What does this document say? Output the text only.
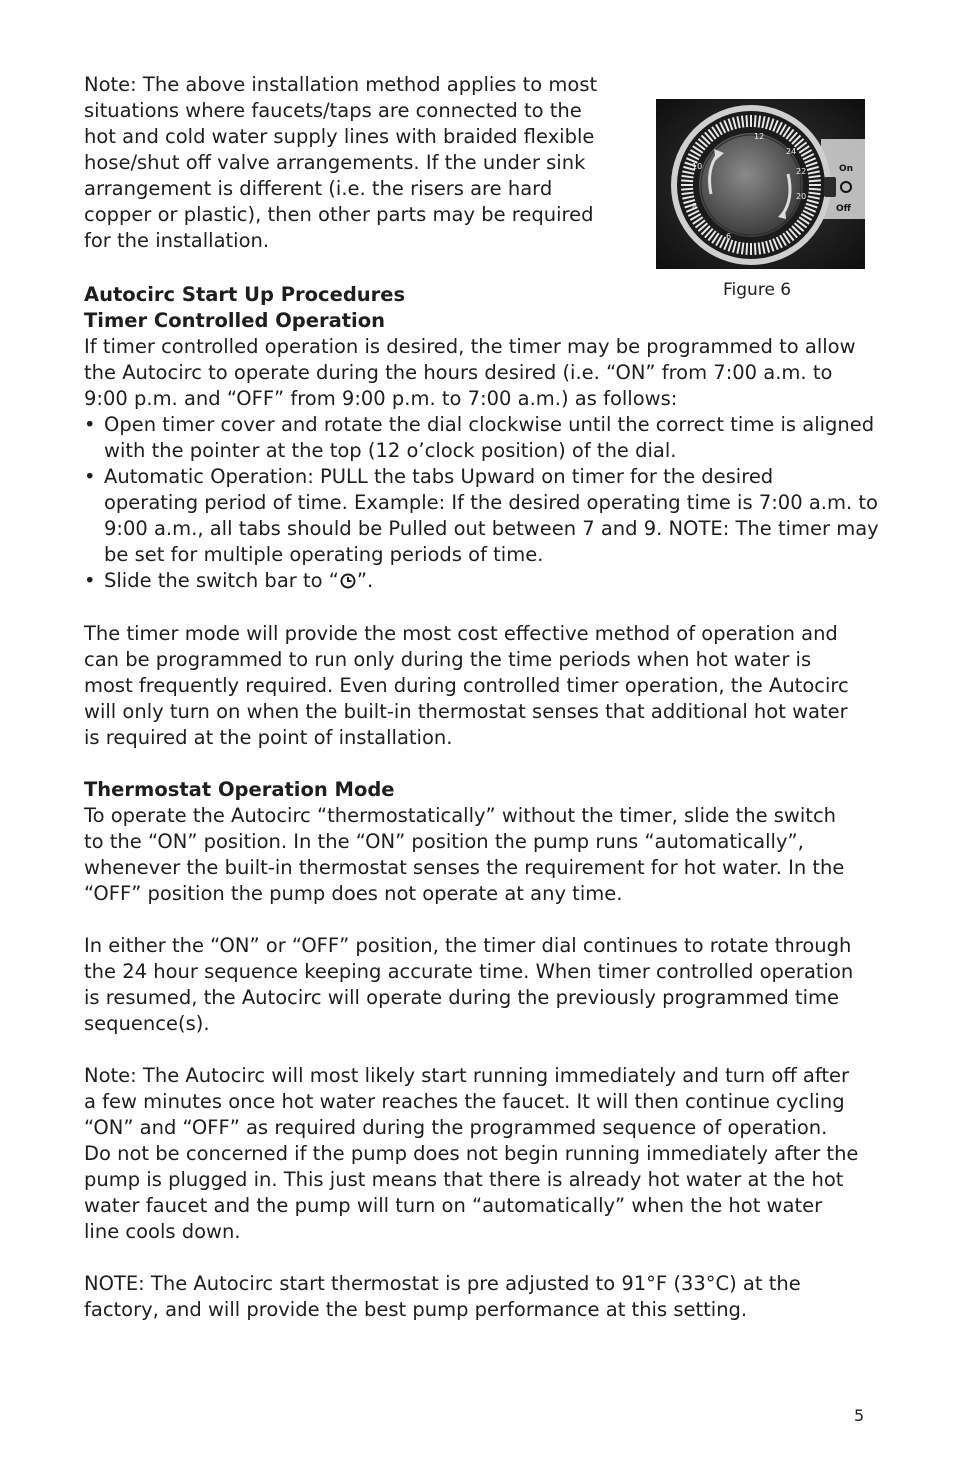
Note: The above installation method applies to most
situations where faucets/taps are connected to the
hot and cold water supply lines with braided flexible
hose/shut off valve arrangements. If the under sink
arrangement is different (i.e. the risers are hard
copper or plastic), then other parts may be required
for the installation.
12
24
22
20
6
8
10	On
Off
Figure 6
Autocirc Start Up Procedures
Timer Controlled Operation
If timer controlled operation is desired, the timer may be programmed to allow
the Autocirc to operate during the hours desired (i.e. “ON” from 7:00 a.m. to
9:00 p.m. and “OFF” from 9:00 p.m. to 7:00 a.m.) as follows:
• Open timer cover and rotate the dial clockwise until the correct time is aligned
with the pointer at the top (12 o’clock position) of the dial.
• Automatic Operation: PULL the tabs Upward on timer for the desired
operating period of time. Example: If the desired operating time is 7:00 a.m. to
9:00 a.m., all tabs should be Pulled out between 7 and 9. NOTE: The timer may
be set for multiple operating periods of time.
• Slide the switch bar to “ ”.
The timer mode will provide the most cost effective method of operation and
can be programmed to run only during the time periods when hot water is
most frequently required. Even during controlled timer operation, the Autocirc
will only turn on when the built-in thermostat senses that additional hot water
is required at the point of installation.
Thermostat Operation Mode
To operate the Autocirc “thermostatically” without the timer, slide the switch
to the “ON” position. In the “ON” position the pump runs “automatically”,
whenever the built-in thermostat senses the requirement for hot water. In the
“OFF” position the pump does not operate at any time.
In either the “ON” or “OFF” position, the timer dial continues to rotate through
the 24 hour sequence keeping accurate time. When timer controlled operation
is resumed, the Autocirc will operate during the previously programmed time
sequence(s).
Note: The Autocirc will most likely start running immediately and turn off after
a few minutes once hot water reaches the faucet. It will then continue cycling
“ON” and “OFF” as required during the programmed sequence of operation.
Do not be concerned if the pump does not begin running immediately after the
pump is plugged in. This just means that there is already hot water at the hot
water faucet and the pump will turn on “automatically” when the hot water
line cools down.
NOTE: The Autocirc start thermostat is pre adjusted to 91°F (33°C) at the
factory, and will provide the best pump performance at this setting.
5
